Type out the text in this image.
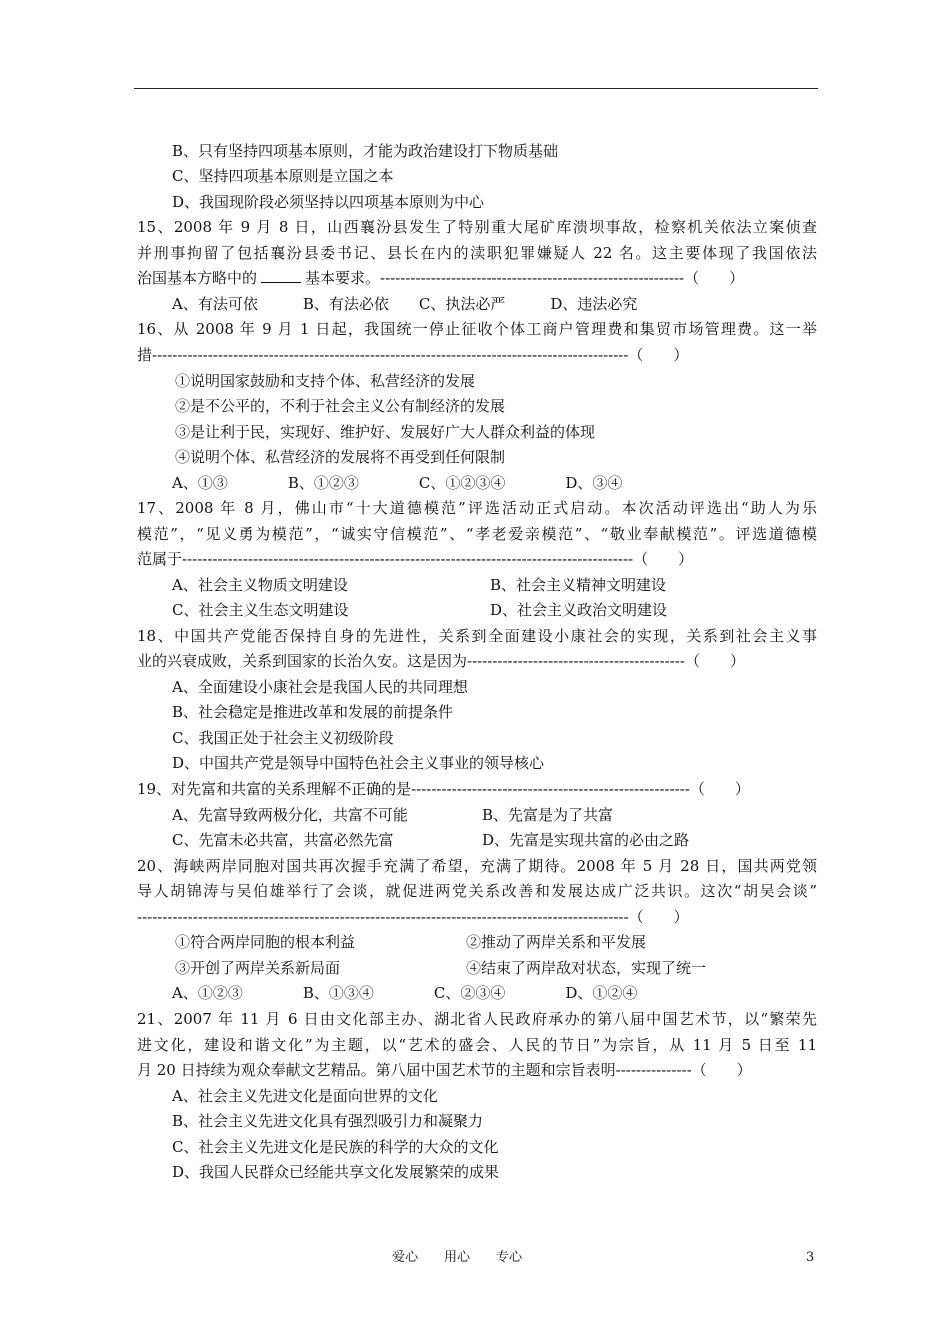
B、只有坚持四项基本原则，才能为政治建设打下物质基础
C、坚持四项基本原则是立国之本
D、我国现阶段必须坚持以四项基本原则为中心
15、2008 年 9 月 8 日，山西襄汾县发生了特别重大尾矿库溃坝事故，检察机关依法立案侦查
并刑事拘留了包括襄汾县委书记、县长在内的渎职犯罪嫌疑人 22 名。这主要体现了我国依法
治国基本方略中的	基本要求。------------------------------------------------------------（　　）
A、有法可依　　　B、有法必依　　C、执法必严　　　D、违法必究
16、从 2008 年 9 月 1 日起，我国统一停止征收个体工商户管理费和集贸市场管理费。这一举
措----------------------------------------------------------------------------------------------（　　）
①说明国家鼓励和支持个体、私营经济的发展
②是不公平的，不利于社会主义公有制经济的发展
③是让利于民，实现好、维护好、发展好广大人群众利益的体现
④说明个体、私营经济的发展将不再受到任何限制
A、①③　　　　B、①②③　　　　C、①②③④　　　　D、③④
17、2008 年 8 月，佛山市“十大道德模范”评选活动正式启动。本次活动评选出“助人为乐
模范”，“见义勇为模范”，“诚实守信模范”、“孝老爱亲模范”、“敬业奉献模范”。评选道德模
范属于-----------------------------------------------------------------------------------------（　　）
A、社会主义物质文明建设	B、社会主义精神文明建设
C、社会主义生态文明建设	D、社会主义政治文明建设
18、中国共产党能否保持自身的先进性，关系到全面建设小康社会的实现，关系到社会主义事
业的兴衰成败，关系到国家的长治久安。这是因为-------------------------------------------（　　）
A、全面建设小康社会是我国人民的共同理想
B、社会稳定是推进改革和发展的前提条件
C、我国正处于社会主义初级阶段
D、中国共产党是领导中国特色社会主义事业的领导核心
19、对先富和共富的关系理解不正确的是-------------------------------------------------------（　　）
A、先富导致两极分化，共富不可能	B、先富是为了共富
C、先富未必共富，共富必然先富	D、先富是实现共富的必由之路
20、海峡两岸同胞对国共再次握手充满了希望，充满了期待。2008 年 5 月 28 日，国共两党领
导人胡锦涛与吴伯雄举行了会谈，就促进两党关系改善和发展达成广泛共识。这次“胡吴会谈”
-------------------------------------------------------------------------------------------------（　　）
①符合两岸同胞的根本利益	②推动了两岸关系和平发展
③开创了两岸关系新局面	④结束了两岸敌对状态，实现了统一
A、①②③　　　　B、①③④　　　　C、②③④　　　　D、①②④
21、2007 年 11 月 6 日由文化部主办、湖北省人民政府承办的第八届中国艺术节，以“繁荣先
进文化，建设和谐文化”为主题，以“艺术的盛会、人民的节日”为宗旨，从 11 月 5 日至 11
月 20 日持续为观众奉献文艺精品。第八届中国艺术节的主题和宗旨表明---------------（　　）
A、社会主义先进文化是面向世界的文化
B、社会主义先进文化具有强烈吸引力和凝聚力
C、社会主义先进文化是民族的科学的大众的文化
D、我国人民群众已经能共享文化发展繁荣的成果
爱心　　用心　　专心	3
